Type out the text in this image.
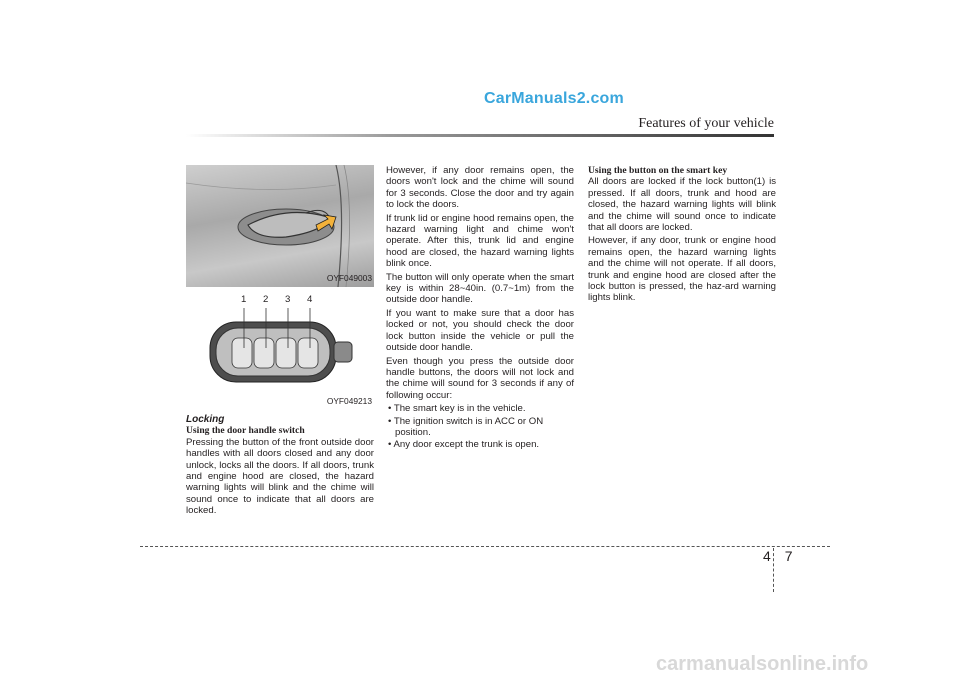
CarManuals2.com
Features of your vehicle
OYF049003
1 2 3 4
OYF049213
Locking
Using the door handle switch

Pressing the button of the front outside door handles with all doors closed and any door unlock, locks all the doors. If all doors, trunk and engine hood are closed, the hazard warning lights will blink and the chime will sound once to indicate that all doors are locked.

However, if any door remains open, the doors won't lock and the chime will sound for 3 seconds. Close the door and try again to lock the doors.

If trunk lid or engine hood remains open, the hazard warning light and chime won't operate. After this, trunk lid and engine hood are closed, the hazard warning lights blink once.

The button will only operate when the smart key is within 28~40in. (0.7~1m) from the outside door handle.

If you want to make sure that a door has locked or not, you should check the door lock button inside the vehicle or pull the outside door handle.

Even though you press the outside door handle buttons, the doors will not lock and the chime will sound for 3 seconds if any of following occur:

• The smart key is in the vehicle.
• The ignition switch is in ACC or ON position.
• Any door except the trunk is open.
Using the button on the smart key

All doors are locked if the lock button(1) is pressed. If all doors, trunk and hood are closed, the hazard warning lights will blink and the chime will sound once to indicate that all doors are locked.

However, if any door, trunk or engine hood remains open, the hazard warning lights and the chime will not operate. If all doors, trunk and engine hood are closed after the lock button is pressed, the haz-ard warning lights blink.

4 7
carmanualsonline.info
